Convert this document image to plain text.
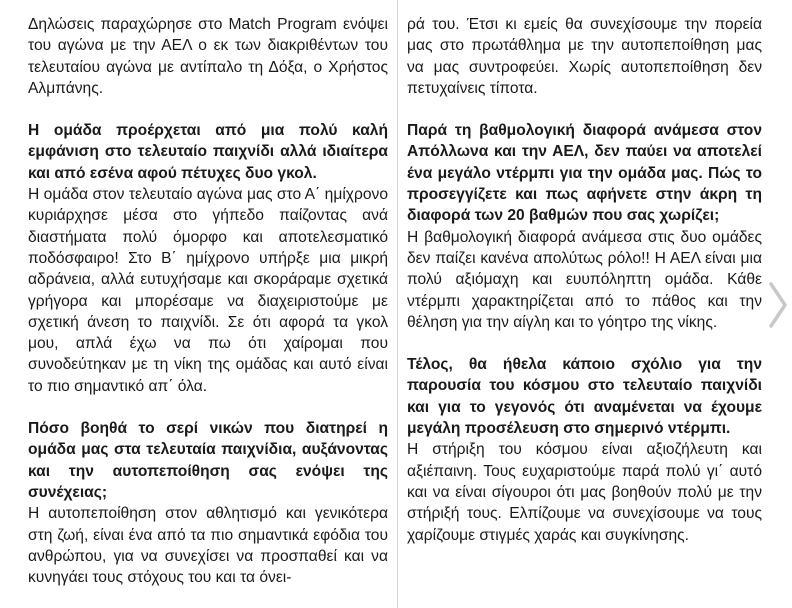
Δηλώσεις παραχώρησε στο Match Program ενόψει του αγώνα με την ΑΕΛ ο εκ των διακριθέντων του τελευταίου αγώνα με αντίπαλο τη Δόξα, ο Χρήστος Αλμπάνης.

Η ομάδα προέρχεται από μια πολύ καλή εμφάνιση στο τελευταίο παιχνίδι αλλά ιδιαίτερα και από εσένα αφού πέτυχες δυο γκολ.

Η ομάδα στον τελευταίο αγώνα μας στο Α΄ ημίχρονο κυριάρχησε μέσα στο γήπεδο παίζοντας ανά διαστήματα πολύ όμορφο και αποτελεσματικό ποδόσφαιρο! Στο Β΄ ημίχρονο υπήρξε μια μικρή αδράνεια, αλλά ευτυχήσαμε και σκοράραμε σχετικά γρήγορα και μπορέσαμε να διαχειριστούμε με σχετική άνεση το παιχνίδι. Σε ότι αφορά τα γκολ μου, απλά έχω να πω ότι χαίρομαι που συνοδεύτηκαν με τη νίκη της ομάδας και αυτό είναι το πιο σημαντικό απ΄ όλα.

Πόσο βοηθά το σερί νικών που διατηρεί η ομάδα μας στα τελευταία παιχνίδια, αυξάνοντας και την αυτοπεποίθηση σας ενόψει της συνέχειας;

Η αυτοπεποίθηση στον αθλητισμό και γενικότερα στη ζωή, είναι ένα από τα πιο σημαντικά εφόδια του ανθρώπου, για να συνεχίσει να προσπαθεί και να κυνηγάει τους στόχους του και τα όνει-

ρά του. Έτσι κι εμείς θα συνεχίσουμε την πορεία μας στο πρωτάθλημα με την αυτοπεποίθηση μας να μας συντροφεύει. Χωρίς αυτοπεποίθηση δεν πετυχαίνεις τίποτα.

Παρά τη βαθμολογική διαφορά ανάμεσα στον Απόλλωνα και την ΑΕΛ, δεν παύει να αποτελεί ένα μεγάλο ντέρμπι για την ομάδα μας. Πώς το προσεγγίζετε και πως αφήνετε στην άκρη τη διαφορά των 20 βαθμών που σας χωρίζει;

Η βαθμολογική διαφορά ανάμεσα στις δυο ομάδες δεν παίζει κανένα απολύτως ρόλο!! Η ΑΕΛ είναι μια πολύ αξιόμαχη και ευυπόληπτη ομάδα. Κάθε ντέρμπι χαρακτηρίζεται από το πάθος και την θέληση για την αίγλη και το γόητρο της νίκης.

Τέλος, θα ήθελα κάποιο σχόλιο για την παρουσία του κόσμου στο τελευταίο παιχνίδι και για το γεγονός ότι αναμένεται να έχουμε μεγάλη προσέλευση στο σημερινό ντέρμπι.

Η στήριξη του κόσμου είναι αξιοζήλευτη και αξιέπαινη. Τους ευχαριστούμε παρά πολύ γι΄ αυτό και να είναι σίγουροι ότι μας βοηθούν πολύ με την στήριξή τους. Ελπίζουμε να συνεχίσουμε να τους χαρίζουμε στιγμές χαράς και συγκίνησης.
